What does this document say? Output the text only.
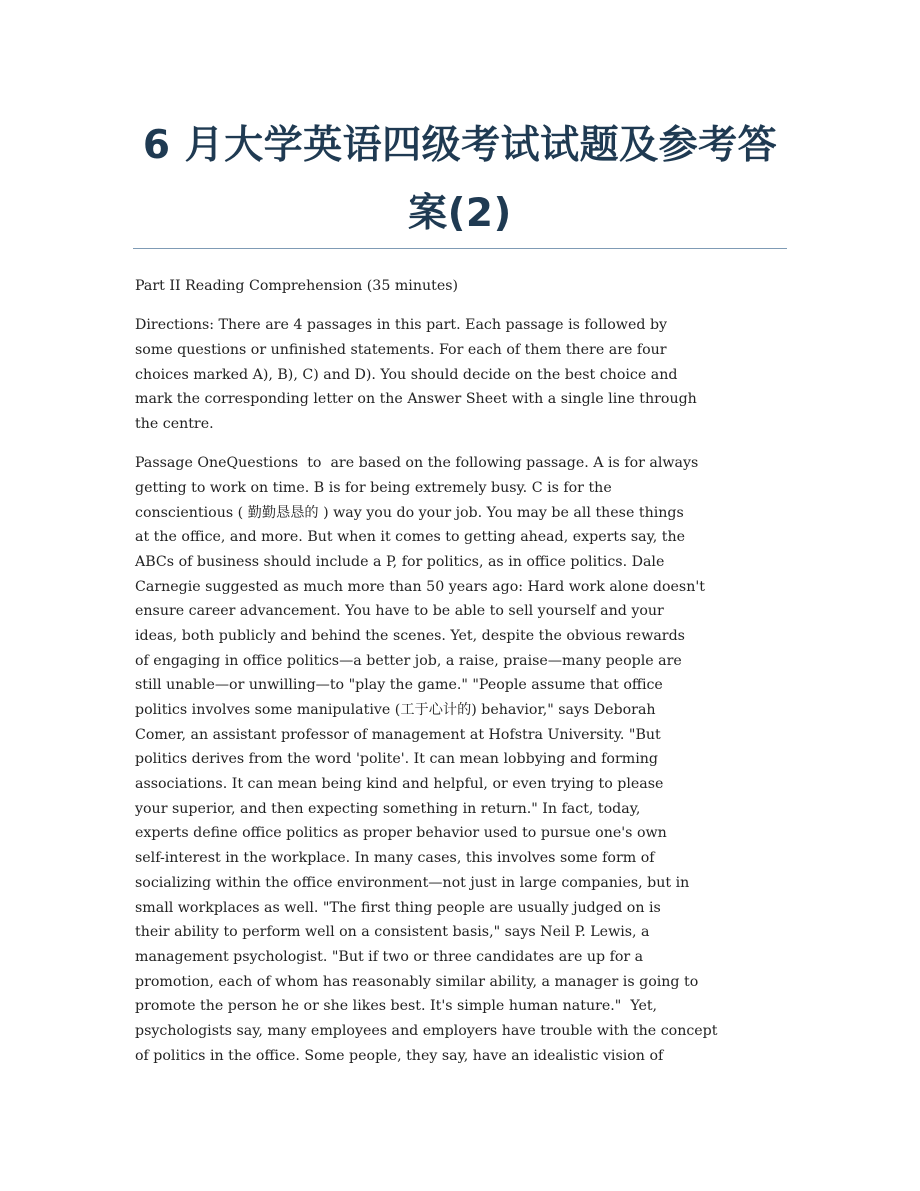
6 月大学英语四级考试试题及参考答
案(2)

Part II Reading Comprehension (35 minutes)

Directions: There are 4 passages in this part. Each passage is followed by
some questions or unfinished statements. For each of them there are four
choices marked A), B), C) and D). You should decide on the best choice and
mark the corresponding letter on the Answer Sheet with a single line through
the centre.

Passage OneQuestions  to  are based on the following passage. A is for always
getting to work on time. B is for being extremely busy. C is for the
conscientious ( 勤勤恳恳的 ) way you do your job. You may be all these things
at the office, and more. But when it comes to getting ahead, experts say, the
ABCs of business should include a P, for politics, as in office politics. Dale
Carnegie suggested as much more than 50 years ago: Hard work alone doesn't
ensure career advancement. You have to be able to sell yourself and your
ideas, both publicly and behind the scenes. Yet, despite the obvious rewards
of engaging in office politics—a better job, a raise, praise—many people are
still unable—or unwilling—to "play the game." "People assume that office
politics involves some manipulative (工于心计的) behavior," says Deborah
Comer, an assistant professor of management at Hofstra University. "But
politics derives from the word 'polite'. It can mean lobbying and forming
associations. It can mean being kind and helpful, or even trying to please
your superior, and then expecting something in return." In fact, today,
experts define office politics as proper behavior used to pursue one's own
self-interest in the workplace. In many cases, this involves some form of
socializing within the office environment—not just in large companies, but in
small workplaces as well. "The first thing people are usually judged on is
their ability to perform well on a consistent basis," says Neil P. Lewis, a
management psychologist. "But if two or three candidates are up for a
promotion, each of whom has reasonably similar ability, a manager is going to
promote the person he or she likes best. It's simple human nature."  Yet,
psychologists say, many employees and employers have trouble with the concept
of politics in the office. Some people, they say, have an idealistic vision of
